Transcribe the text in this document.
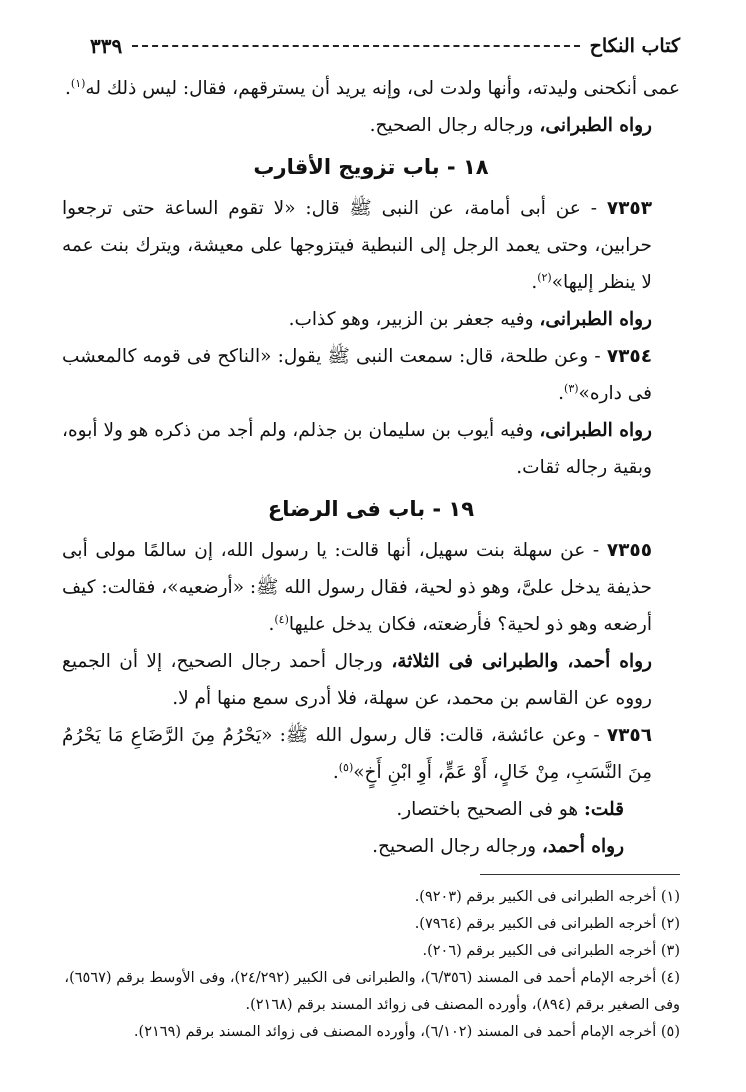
كتاب النكاح
٣٣٩

عمى أنكحنى وليدته، وأنها ولدت لى، وإنه يريد أن يسترقهم، فقال: ليس ذلك له$^{(١)}$.

رواه الطبرانى، ورجاله رجال الصحيح.

١٨ - باب تزويج الأقارب

٧٣٥٣ - عن أبى أمامة، عن النبى ﷺ قال: «لا تقوم الساعة حتى ترجعوا حرابين، وحتى يعمد الرجل إلى النبطية فيتزوجها على معيشة، ويترك بنت عمه لا ينظر إليها»$^{(٢)}$.

رواه الطبرانى، وفيه جعفر بن الزبير، وهو كذاب.

٧٣٥٤ - وعن طلحة، قال: سمعت النبى ﷺ يقول: «الناكح فى قومه كالمعشب فى داره»$^{(٣)}$.

رواه الطبرانى، وفيه أيوب بن سليمان بن جذلم، ولم أجد من ذكره هو ولا أبوه، وبقية رجاله ثقات.

١٩ - باب فى الرضاع

٧٣٥٥ - عن سهلة بنت سهيل، أنها قالت: يا رسول الله، إن سالمًا مولى أبى حذيفة يدخل علىَّ، وهو ذو لحية، فقال رسول الله ﷺ: «أرضعيه»، فقالت: كيف أرضعه وهو ذو لحية؟ فأرضعته، فكان يدخل عليها$^{(٤)}$.

رواه أحمد، والطبرانى فى الثلاثة، ورجال أحمد رجال الصحيح، إلا أن الجميع رووه عن القاسم بن محمد، عن سهلة، فلا أدرى سمع منها أم لا.

٧٣٥٦ - وعن عائشة، قالت: قال رسول الله ﷺ: «يَحْرُمُ مِنَ الرَّضَاعِ مَا يَحْرُمُ مِنَ النَّسَبِ، مِنْ خَالٍ، أَوْ عَمٍّ، أَوِ ابْنِ أَخٍ»$^{(٥)}$.

قلت: هو فى الصحيح باختصار.

رواه أحمد، ورجاله رجال الصحيح.

(١) أخرجه الطبرانى فى الكبير برقم (٩٢٠٣).

(٢) أخرجه الطبرانى فى الكبير برقم (٧٩٦٤).

(٣) أخرجه الطبرانى فى الكبير برقم (٢٠٦).

(٤) أخرجه الإمام أحمد فى المسند (٦/٣٥٦)، والطبرانى فى الكبير (٢٤/٢٩٢)، وفى الأوسط برقم (٦٥٦٧)، وفى الصغير برقم (٨٩٤)، وأورده المصنف فى زوائد المسند برقم (٢١٦٨).

(٥) أخرجه الإمام أحمد فى المسند (٦/١٠٢)، وأورده المصنف فى زوائد المسند برقم (٢١٦٩).
